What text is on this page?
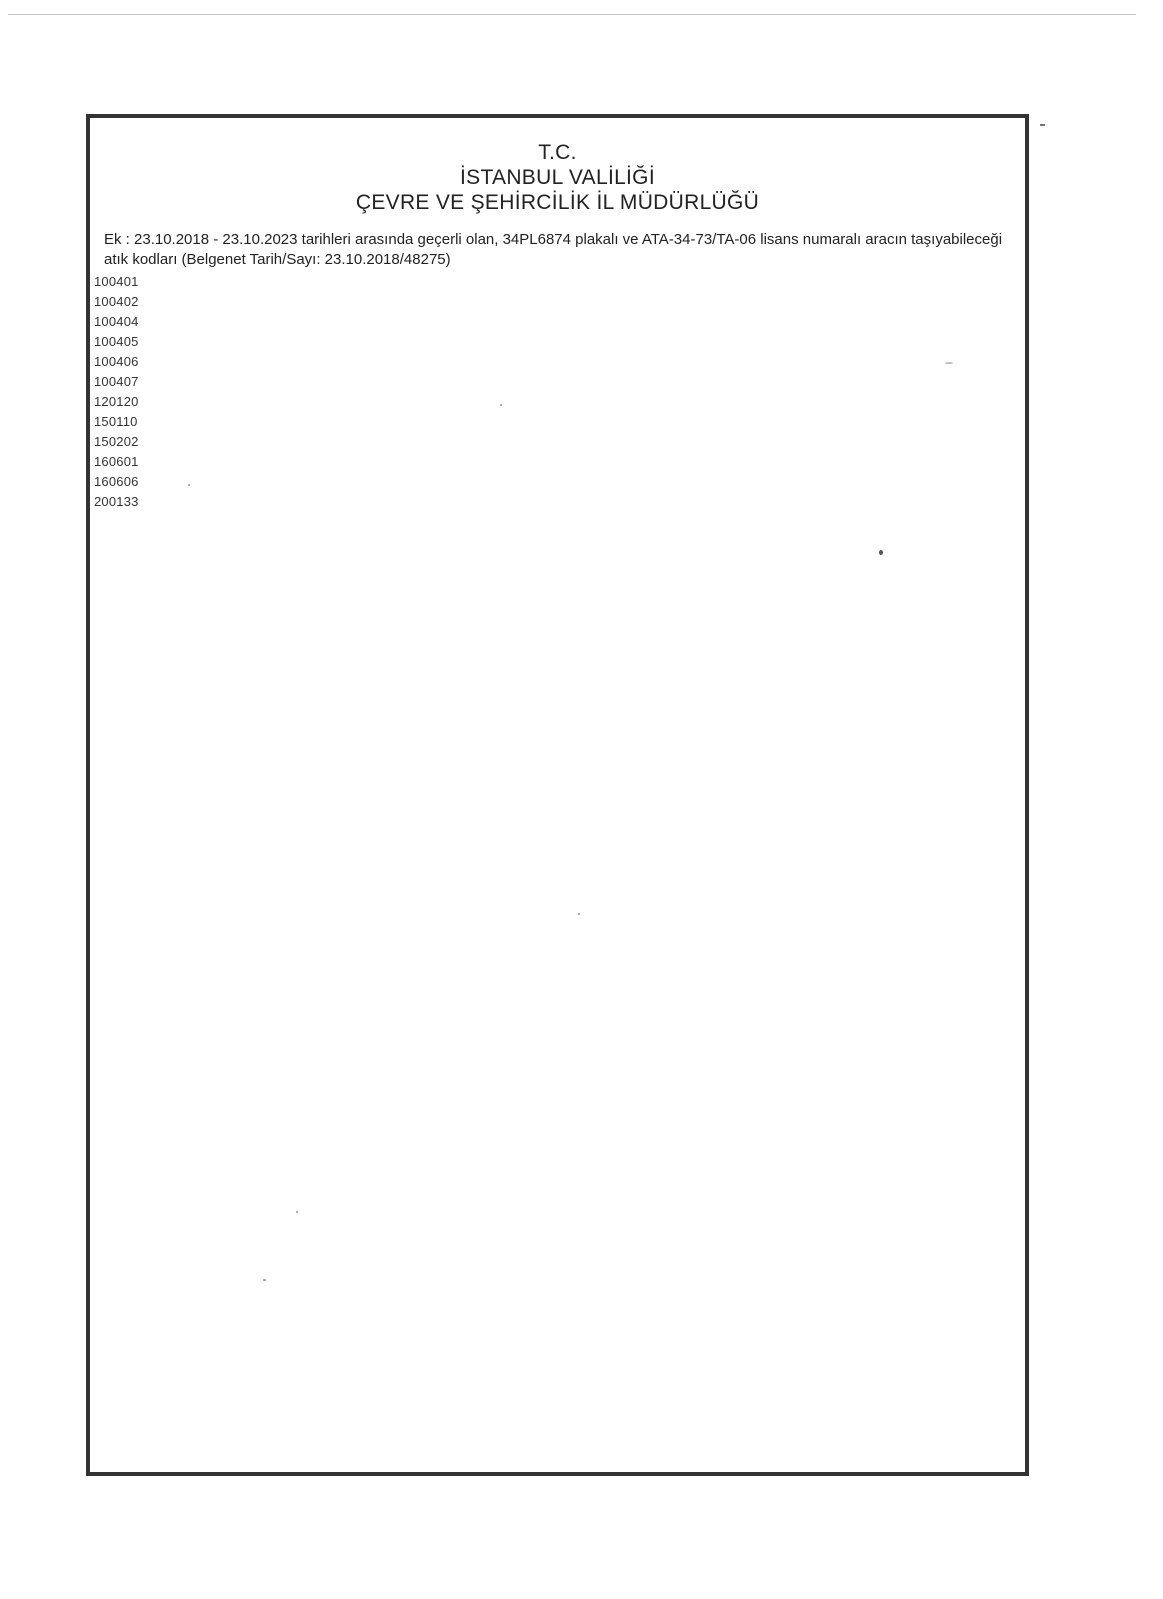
T.C.
İSTANBUL VALİLİĞİ
ÇEVRE VE ŞEHİRCİLİK İL MÜDÜRLÜĞÜ
Ek : 23.10.2018 - 23.10.2023 tarihleri arasında geçerli olan, 34PL6874 plakalı ve ATA-34-73/TA-06 lisans numaralı aracın taşıyabileceği atık kodları (Belgenet Tarih/Sayı: 23.10.2018/48275)
100401
100402
100404
100405
100406
100407
120120
150110
150202
160601
160606
200133
